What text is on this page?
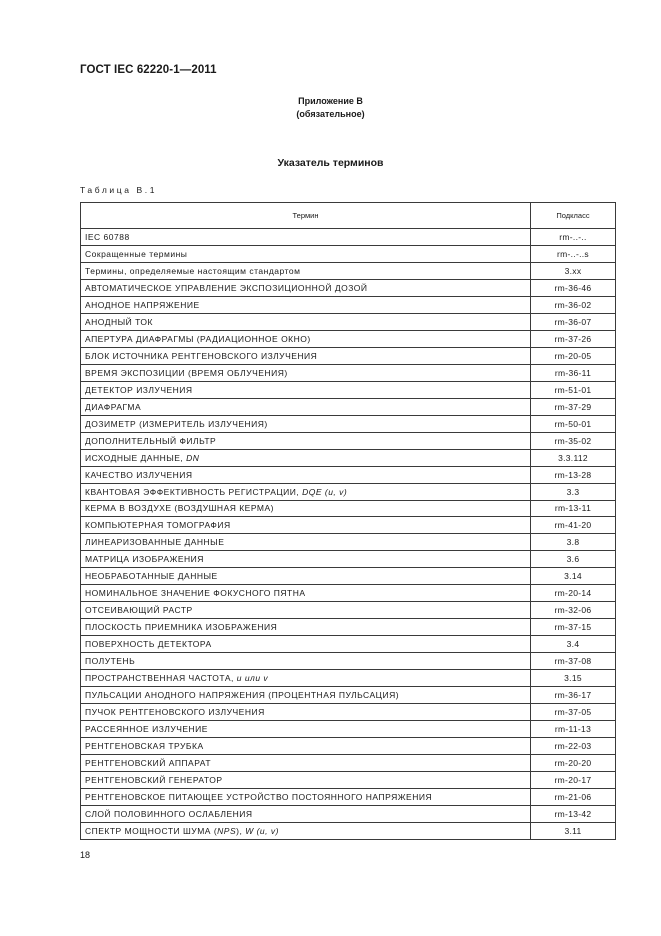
ГОСТ IEC 62220-1—2011
Приложение В
(обязательное)
Указатель терминов
Таблица В.1
Термин	Подкласс
IEC 60788	rm-..-..
Сокращенные термины	rm-..-..s
Термины, определяемые настоящим стандартом	3.xx
АВТОМАТИЧЕСКОЕ УПРАВЛЕНИЕ ЭКСПОЗИЦИОННОЙ ДОЗОЙ	rm-36-46
АНОДНОЕ НАПРЯЖЕНИЕ	rm-36-02
АНОДНЫЙ ТОК	rm-36-07
АПЕРТУРА ДИАФРАГМЫ (РАДИАЦИОННОЕ ОКНО)	rm-37-26
БЛОК ИСТОЧНИКА РЕНТГЕНОВСКОГО ИЗЛУЧЕНИЯ	rm-20-05
ВРЕМЯ ЭКСПОЗИЦИИ (ВРЕМЯ ОБЛУЧЕНИЯ)	rm-36-11
ДЕТЕКТОР ИЗЛУЧЕНИЯ	rm-51-01
ДИАФРАГМА	rm-37-29
ДОЗИМЕТР (ИЗМЕРИТЕЛЬ ИЗЛУЧЕНИЯ)	rm-50-01
ДОПОЛНИТЕЛЬНЫЙ ФИЛЬТР	rm-35-02
ИСХОДНЫЕ ДАННЫЕ, DN	3.3.112
КАЧЕСТВО ИЗЛУЧЕНИЯ	rm-13-28
КВАНТОВАЯ ЭФФЕКТИВНОСТЬ РЕГИСТРАЦИИ, DQE (u, v)	3.3
КЕРМА В ВОЗДУХЕ (ВОЗДУШНАЯ КЕРМА)	rm-13-11
КОМПЬЮТЕРНАЯ ТОМОГРАФИЯ	rm-41-20
ЛИНЕАРИЗОВАННЫЕ ДАННЫЕ	3.8
МАТРИЦА ИЗОБРАЖЕНИЯ	3.6
НЕОБРАБОТАННЫЕ ДАННЫЕ	3.14
НОМИНАЛЬНОЕ ЗНАЧЕНИЕ ФОКУСНОГО ПЯТНА	rm-20-14
ОТСЕИВАЮЩИЙ РАСТР	rm-32-06
ПЛОСКОСТЬ ПРИЕМНИКА ИЗОБРАЖЕНИЯ	rm-37-15
ПОВЕРХНОСТЬ ДЕТЕКТОРА	3.4
ПОЛУТЕНЬ	rm-37-08
ПРОСТРАНСТВЕННАЯ ЧАСТОТА, u или v	3.15
ПУЛЬСАЦИИ АНОДНОГО НАПРЯЖЕНИЯ (ПРОЦЕНТНАЯ ПУЛЬСАЦИЯ)	rm-36-17
ПУЧОК РЕНТГЕНОВСКОГО ИЗЛУЧЕНИЯ	rm-37-05
РАССЕЯННОЕ ИЗЛУЧЕНИЕ	rm-11-13
РЕНТГЕНОВСКАЯ ТРУБКА	rm-22-03
РЕНТГЕНОВСКИЙ АППАРАТ	rm-20-20
РЕНТГЕНОВСКИЙ ГЕНЕРАТОР	rm-20-17
РЕНТГЕНОВСКОЕ ПИТАЮЩЕЕ УСТРОЙСТВО ПОСТОЯННОГО НАПРЯЖЕНИЯ	rm-21-06
СЛОЙ ПОЛОВИННОГО ОСЛАБЛЕНИЯ	rm-13-42
СПЕКТР МОЩНОСТИ ШУМА (NPS), W (u, v)	3.11
18
